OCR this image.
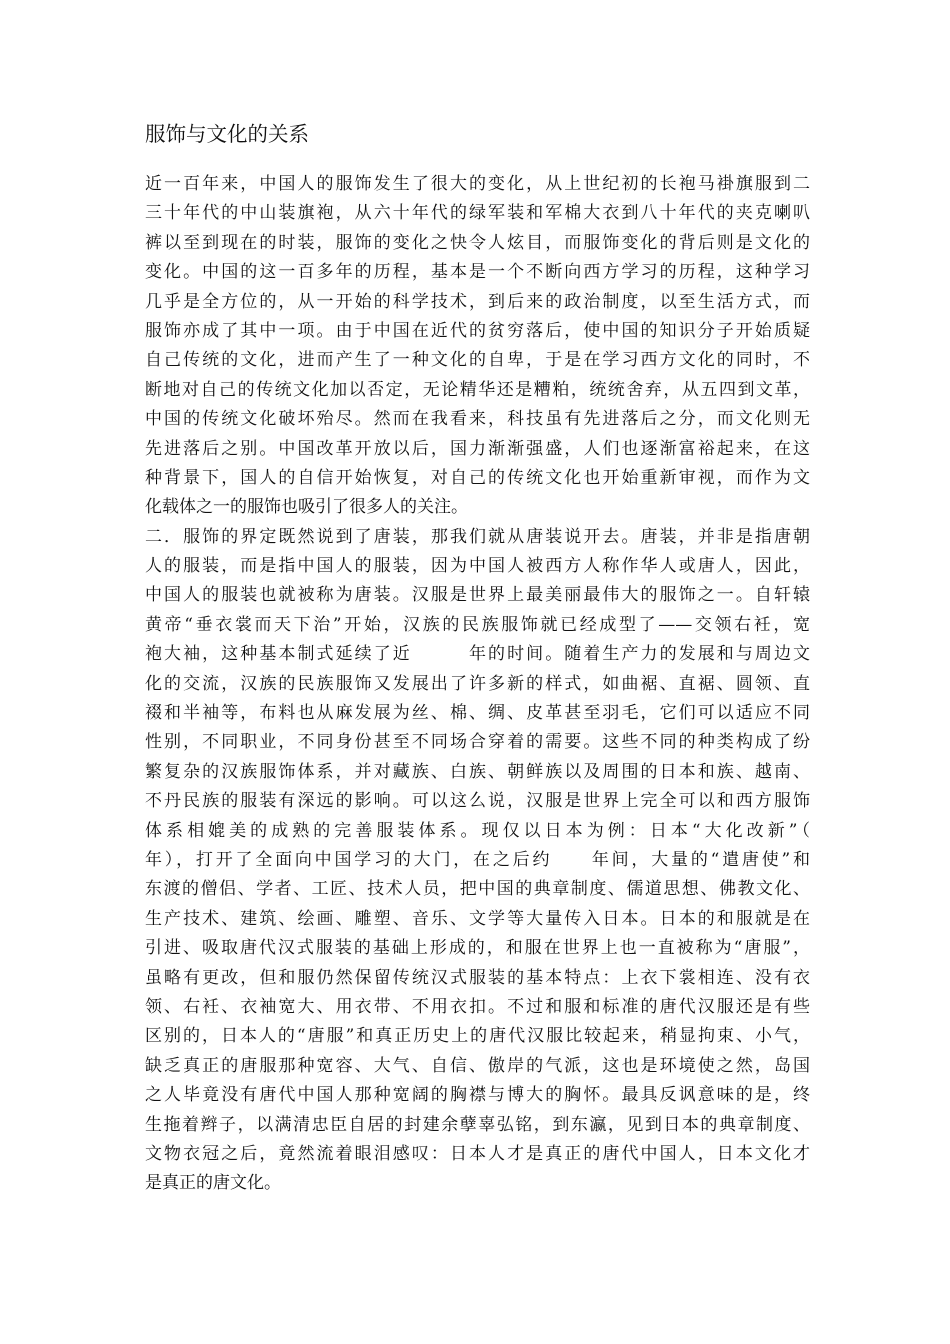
服饰与文化的关系
近一百年来，中国人的服饰发生了很大的变化，从上世纪初的长袍马褂旗服到二
三十年代的中山装旗袍，从六十年代的绿军装和军棉大衣到八十年代的夹克喇叭
裤以至到现在的时装，服饰的变化之快令人炫目，而服饰变化的背后则是文化的
变化。中国的这一百多年的历程，基本是一个不断向西方学习的历程，这种学习
几乎是全方位的，从一开始的科学技术，到后来的政治制度，以至生活方式，而
服饰亦成了其中一项。由于中国在近代的贫穷落后，使中国的知识分子开始质疑
自己传统的文化，进而产生了一种文化的自卑，于是在学习西方文化的同时，不
断地对自己的传统文化加以否定，无论精华还是糟粕，统统舍弃，从五四到文革，
中国的传统文化破坏殆尽。然而在我看来，科技虽有先进落后之分，而文化则无
先进落后之别。中国改革开放以后，国力渐渐强盛，人们也逐渐富裕起来，在这
种背景下，国人的自信开始恢复，对自己的传统文化也开始重新审视，而作为文
化载体之一的服饰也吸引了很多人的关注。
二．服饰的界定既然说到了唐装，那我们就从唐装说开去。唐装，并非是指唐朝
人的服装，而是指中国人的服装，因为中国人被西方人称作华人或唐人，因此，
中国人的服装也就被称为唐装。汉服是世界上最美丽最伟大的服饰之一。自轩辕
黄帝“垂衣裳而天下治”开始，汉族的民族服饰就已经成型了——交领右衽，宽
袍大袖，这种基本制式延续了近　　　年的时间。随着生产力的发展和与周边文
化的交流，汉族的民族服饰又发展出了许多新的样式，如曲裾、直裾、圆领、直
裰和半袖等，布料也从麻发展为丝、棉、绸、皮革甚至羽毛，它们可以适应不同
性别，不同职业，不同身份甚至不同场合穿着的需要。这些不同的种类构成了纷
繁复杂的汉族服饰体系，并对藏族、白族、朝鲜族以及周围的日本和族、越南、
不丹民族的服装有深远的影响。可以这么说，汉服是世界上完全可以和西方服饰
体系相媲美的成熟的完善服装体系。现仅以日本为例：日本“大化改新”（　　
年），打开了全面向中国学习的大门，在之后约　　年间，大量的“遣唐使”和
东渡的僧侣、学者、工匠、技术人员，把中国的典章制度、儒道思想、佛教文化、
生产技术、建筑、绘画、雕塑、音乐、文学等大量传入日本。日本的和服就是在
引进、吸取唐代汉式服装的基础上形成的，和服在世界上也一直被称为“唐服”，
虽略有更改，但和服仍然保留传统汉式服装的基本特点：上衣下裳相连、没有衣
领、右衽、衣袖宽大、用衣带、不用衣扣。不过和服和标准的唐代汉服还是有些
区别的，日本人的“唐服”和真正历史上的唐代汉服比较起来，稍显拘束、小气，
缺乏真正的唐服那种宽容、大气、自信、傲岸的气派，这也是环境使之然，岛国
之人毕竟没有唐代中国人那种宽阔的胸襟与博大的胸怀。最具反讽意味的是，终
生拖着辫子，以满清忠臣自居的封建余孽辜弘铭，到东瀛，见到日本的典章制度、
文物衣冠之后，竟然流着眼泪感叹：日本人才是真正的唐代中国人，日本文化才
是真正的唐文化。
